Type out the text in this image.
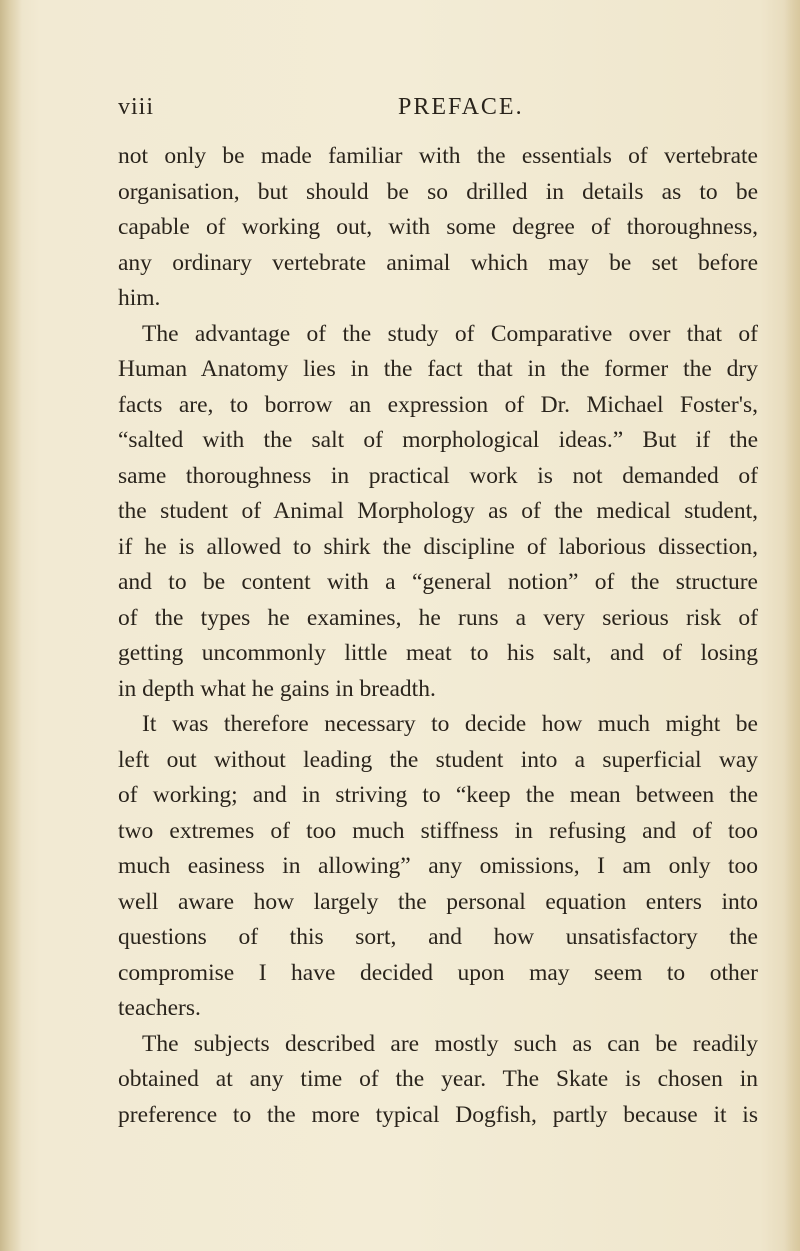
viii	PREFACE.
not only be made familiar with the essentials of vertebrate
organisation, but should be so drilled in details as to be
capable of working out, with some degree of thoroughness,
any ordinary vertebrate animal which may be set before
him.
The advantage of the study of Comparative over that of
Human Anatomy lies in the fact that in the former the dry
facts are, to borrow an expression of Dr. Michael Foster's,
“salted with the salt of morphological ideas.” But if the
same thoroughness in practical work is not demanded of
the student of Animal Morphology as of the medical student,
if he is allowed to shirk the discipline of laborious dissection,
and to be content with a “general notion” of the structure
of the types he examines, he runs a very serious risk of
getting uncommonly little meat to his salt, and of losing
in depth what he gains in breadth.
It was therefore necessary to decide how much might be
left out without leading the student into a superficial way
of working; and in striving to “keep the mean between the
two extremes of too much stiffness in refusing and of too
much easiness in allowing” any omissions, I am only too
well aware how largely the personal equation enters into
questions of this sort, and how unsatisfactory the
compromise I have decided upon may seem to other
teachers.
The subjects described are mostly such as can be readily
obtained at any time of the year. The Skate is chosen in
preference to the more typical Dogfish, partly because it is
